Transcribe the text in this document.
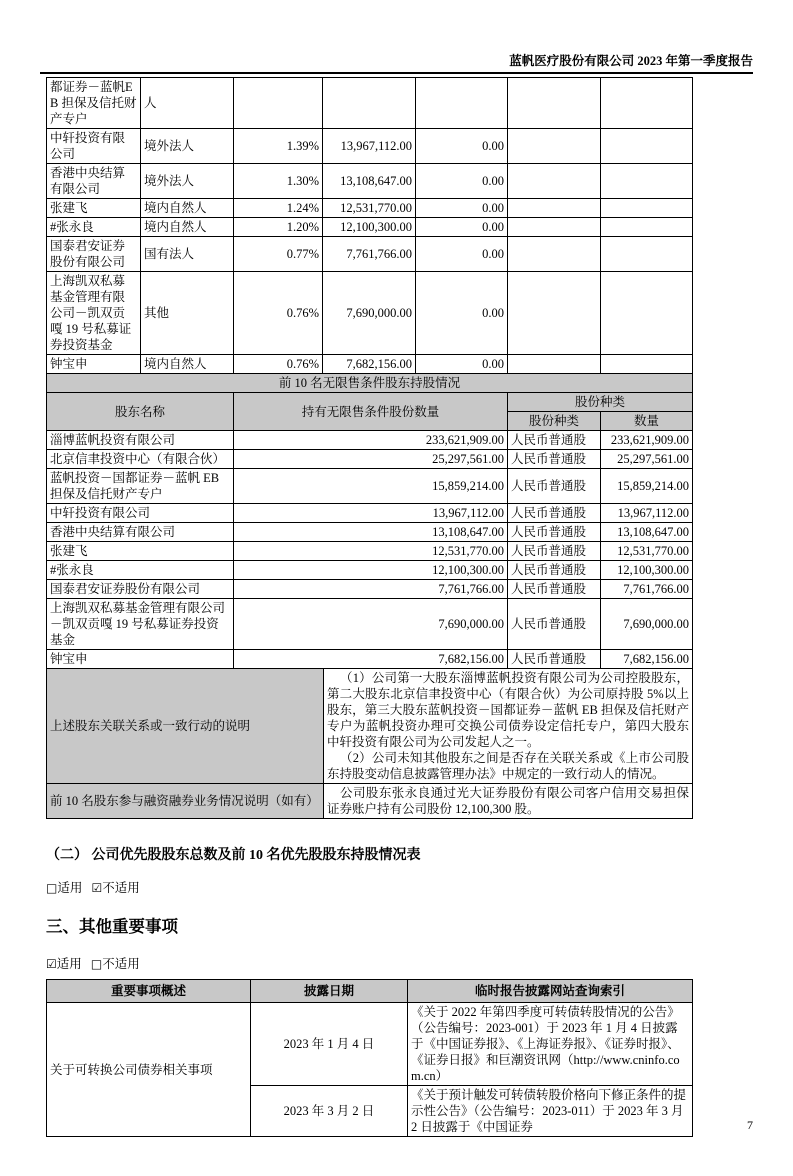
蓝帆医疗股份有限公司 2023 年第一季度报告
都证券－蓝帆EB 担保及信托财产专户	人					
中轩投资有限公司	境外法人	1.39%	13,967,112.00	0.00		
香港中央结算有限公司	境外法人	1.30%	13,108,647.00	0.00		
张建飞	境内自然人	1.24%	12,531,770.00	0.00		
#张永良	境内自然人	1.20%	12,100,300.00	0.00		
国泰君安证券股份有限公司	国有法人	0.77%	7,761,766.00	0.00		
上海凯双私募基金管理有限公司－凯双贡嘎 19 号私募证券投资基金	其他	0.76%	7,690,000.00	0.00		
钟宝申	境内自然人	0.76%	7,682,156.00	0.00		
前 10 名无限售条件股东持股情况			
股东名称	持有无限售条件股份数量	股份种类	
		股份种类	数量
淄博蓝帆投资有限公司	233,621,909.00	人民币普通股	233,621,909.00
北京信聿投资中心（有限合伙）	25,297,561.00	人民币普通股	25,297,561.00
蓝帆投资－国都证券－蓝帆 EB担保及信托财产专户	15,859,214.00	人民币普通股	15,859,214.00
中轩投资有限公司	13,967,112.00	人民币普通股	13,967,112.00
香港中央结算有限公司	13,108,647.00	人民币普通股	13,108,647.00
张建飞	12,531,770.00	人民币普通股	12,531,770.00
#张永良	12,100,300.00	人民币普通股	12,100,300.00
国泰君安证券股份有限公司	7,761,766.00	人民币普通股	7,761,766.00
上海凯双私募基金管理有限公司－凯双贡嘎 19 号私募证券投资基金	7,690,000.00	人民币普通股	7,690,000.00
钟宝申	7,682,156.00	人民币普通股	7,682,156.00
上述股东关联关系或一致行动的说明	（1）公司第一大股东淄博蓝帆投资有限公司为公司控股股东，第二大股东北京信聿投资中心（有限合伙）为公司原持股 5%以上股东，第三大股东蓝帆投资－国都证券－蓝帆 EB 担保及信托财产专户为蓝帆投资办理可交换公司债券设定信托专户，第四大股东中轩投资有限公司为公司发起人之一。

（2）公司未知其他股东之间是否存在关联关系或《上市公司股东持股变动信息披露管理办法》中规定的一致行动人的情况。

前 10 名股东参与融资融券业务情况说明（如有）	公司股东张永良通过光大证券股份有限公司客户信用交易担保证券账户持有公司股份 12,100,300 股。

（二） 公司优先股股东总数及前 10 名优先股股东持股情况表
□适用 ☑不适用
三、其他重要事项
☑适用 □不适用
重要事项概述	披露日期	临时报告披露网站查询索引
关于可转换公司债券相关事项	2023 年 1 月 4 日	《关于 2022 年第四季度可转债转股情况的公告》（公告编号：2023-001）于 2023 年 1 月 4 日披露于《中国证券报》、《上海证券报》、《证券时报》、《证券日报》和巨潮资讯网（http://www.cninfo.com.cn）
	2023 年 3 月 2 日	《关于预计触发可转债转股价格向下修正条件的提示性公告》（公告编号：2023-011）于 2023 年 3 月 2 日披露于《中国证券	7
